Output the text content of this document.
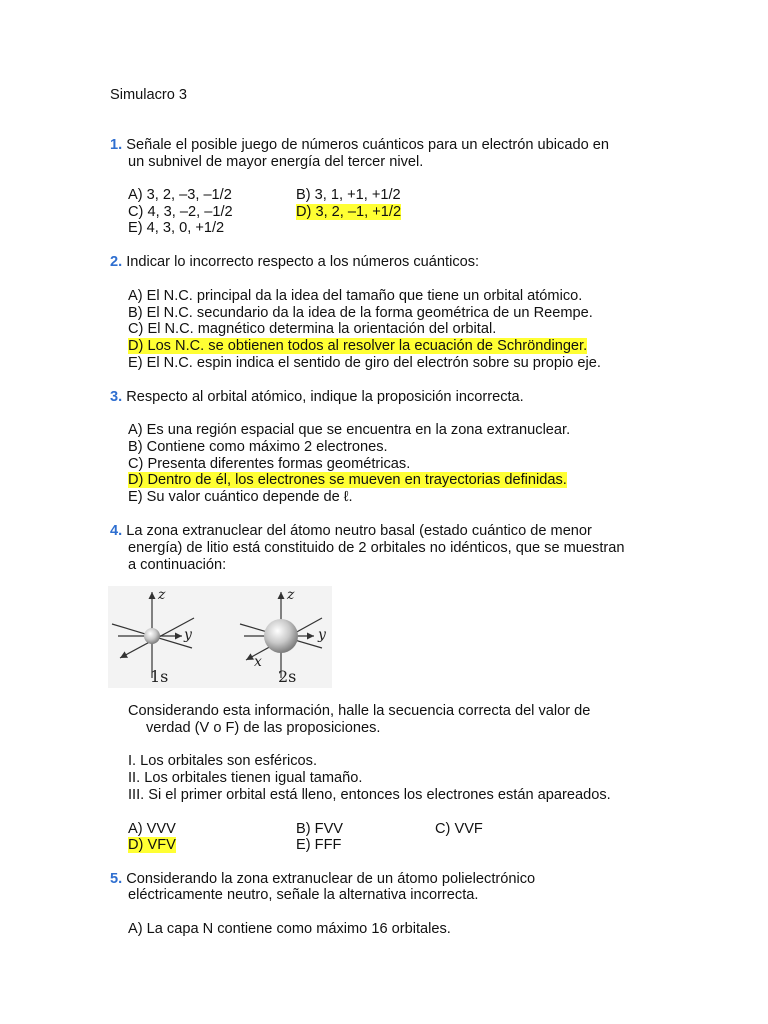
Simulacro 3
1. Señale el posible juego de números cuánticos para un electrón ubicado en
un subnivel de mayor energía del tercer nivel.
A) 3, 2, –3, –1/2	B) 3, 1, +1, +1/2
C) 4, 3, –2, –1/2	D) 3, 2, –1, +1/2
E) 4, 3, 0, +1/2
2. Indicar lo incorrecto respecto a los números cuánticos:
A) El N.C. principal da la idea del tamaño que tiene un orbital atómico.
B) El N.C. secundario da la idea de la forma geométrica de un Reempe.
C) El N.C. magnético determina la orientación del orbital.
D) Los N.C. se obtienen todos al resolver la ecuación de Schröndinger.
E) El N.C. espin indica el sentido de giro del electrón sobre su propio eje.
3. Respecto al orbital atómico, indique la proposición incorrecta.
A) Es una región espacial que se encuentra en la zona extranuclear.
B) Contiene como máximo 2 electrones.
C) Presenta diferentes formas geométricas.
D) Dentro de él, los electrones se mueven en trayectorias definidas.
E) Su valor cuántico depende de ℓ.
4. La zona extranuclear del átomo neutro basal (estado cuántico de menor
energía) de litio está constituido de 2 orbitales no idénticos, que se muestran
a continuación:
z
y
1s
z
y
x
2s
Considerando esta información, halle la secuencia correcta del valor de
verdad (V o F) de las proposiciones.
I. Los orbitales son esféricos.
II. Los orbitales tienen igual tamaño.
III. Si el primer orbital está lleno, entonces los electrones están apareados.
A) VVV	B) FVV	C) VVF
D) VFV	E) FFF
5. Considerando la zona extranuclear de un átomo polielectrónico
eléctricamente neutro, señale la alternativa incorrecta.
A) La capa N contiene como máximo 16 orbitales.
